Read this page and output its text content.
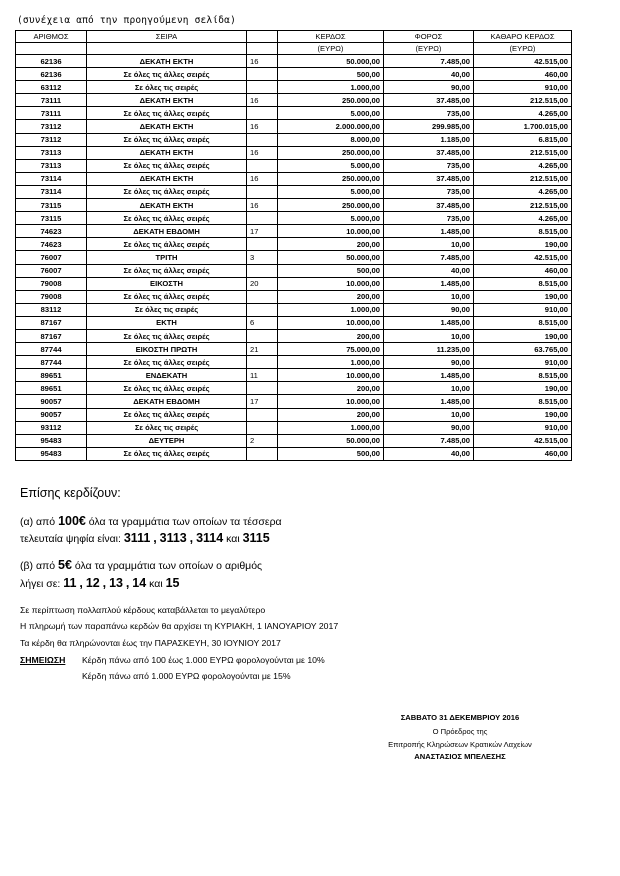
(συνέχεια από την προηγούμενη σελίδα)
ΑΡΙΘΜΟΣ	ΣΕΙΡΑ		ΚΕΡΔΟΣ	ΦΟΡΟΣ	ΚΑΘΑΡΟ ΚΕΡΔΟΣ
			(ΕΥΡΩ)	(ΕΥΡΩ)	(ΕΥΡΩ)
62136	ΔΕΚΑΤΗ ΕΚΤΗ	16	50.000,00	7.485,00	42.515,00
62136	Σε όλες τις άλλες σειρές		500,00	40,00	460,00
63112	Σε όλες τις σειρές		1.000,00	90,00	910,00
73111	ΔΕΚΑΤΗ ΕΚΤΗ	16	250.000,00	37.485,00	212.515,00
73111	Σε όλες τις άλλες σειρές		5.000,00	735,00	4.265,00
73112	ΔΕΚΑΤΗ ΕΚΤΗ	16	2.000.000,00	299.985,00	1.700.015,00
73112	Σε όλες τις άλλες σειρές		8.000,00	1.185,00	6.815,00
73113	ΔΕΚΑΤΗ ΕΚΤΗ	16	250.000,00	37.485,00	212.515,00
73113	Σε όλες τις άλλες σειρές		5.000,00	735,00	4.265,00
73114	ΔΕΚΑΤΗ ΕΚΤΗ	16	250.000,00	37.485,00	212.515,00
73114	Σε όλες τις άλλες σειρές		5.000,00	735,00	4.265,00
73115	ΔΕΚΑΤΗ ΕΚΤΗ	16	250.000,00	37.485,00	212.515,00
73115	Σε όλες τις άλλες σειρές		5.000,00	735,00	4.265,00
74623	ΔΕΚΑΤΗ ΕΒΔΟΜΗ	17	10.000,00	1.485,00	8.515,00
74623	Σε όλες τις άλλες σειρές		200,00	10,00	190,00
76007	ΤΡΙΤΗ	3	50.000,00	7.485,00	42.515,00
76007	Σε όλες τις άλλες σειρές		500,00	40,00	460,00
79008	ΕΙΚΟΣΤΗ	20	10.000,00	1.485,00	8.515,00
79008	Σε όλες τις άλλες σειρές		200,00	10,00	190,00
83112	Σε όλες τις σειρές		1.000,00	90,00	910,00
87167	ΕΚΤΗ	6	10.000,00	1.485,00	8.515,00
87167	Σε όλες τις άλλες σειρές		200,00	10,00	190,00
87744	ΕΙΚΟΣΤΗ ΠΡΩΤΗ	21	75.000,00	11.235,00	63.765,00
87744	Σε όλες τις άλλες σειρές		1.000,00	90,00	910,00
89651	ΕΝΔΕΚΑΤΗ	11	10.000,00	1.485,00	8.515,00
89651	Σε όλες τις άλλες σειρές		200,00	10,00	190,00
90057	ΔΕΚΑΤΗ ΕΒΔΟΜΗ	17	10.000,00	1.485,00	8.515,00
90057	Σε όλες τις άλλες σειρές		200,00	10,00	190,00
93112	Σε όλες τις σειρές		1.000,00	90,00	910,00
95483	ΔΕΥΤΕΡΗ	2	50.000,00	7.485,00	42.515,00
95483	Σε όλες τις άλλες σειρές		500,00	40,00	460,00
Επίσης κερδίζουν:
(α) από 100€ όλα τα γραμμάτια των οποίων τα τέσσερα
τελευταία ψηφία είναι: 3111 , 3113 , 3114 και 3115
(β) από 5€ όλα τα γραμμάτια των οποίων ο αριθμός
λήγει σε: 11 , 12 , 13 , 14 και 15
Σε περίπτωση πολλαπλού κέρδους καταβάλλεται το μεγαλύτερο
Η πληρωμή των παραπάνω κερδών θα αρχίσει τη ΚΥΡΙΑΚΗ, 1 ΙΑΝΟΥΑΡΙΟΥ 2017
Τα κέρδη θα πληρώνονται έως την ΠΑΡΑΣΚΕΥΗ, 30 ΙΟΥΝΙΟΥ 2017
ΣΗΜΕΙΩΣΗ Κέρδη πάνω από 100 έως 1.000 ΕΥΡΩ φορολογούνται με 10%
Κέρδη πάνω από 1.000 ΕΥΡΩ φορολογούνται με 15%
ΣΑΒΒΑΤΟ 31 ΔΕΚΕΜΒΡΙΟΥ 2016
Ο Πρόεδρος της
Επιτροπής Κληρώσεων Κρατικών Λαχείων
ΑΝΑΣΤΑΣΙΟΣ ΜΠΕΛΕΣΗΣ
